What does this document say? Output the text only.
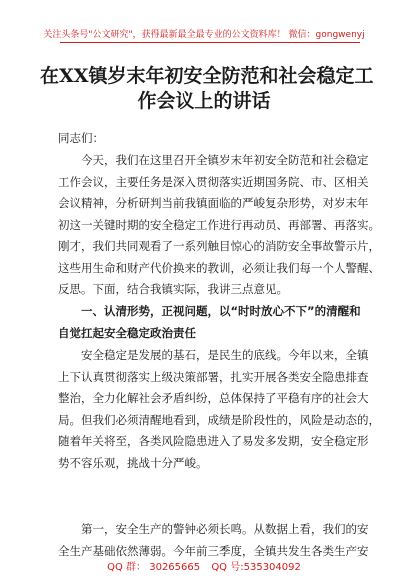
关注头条号"公文研究"，获得最新最全最专业的公文资料库！ 微信：gongwenyj
在XX镇岁末年初安全防范和社会稳定工
作会议上的讲话
同志们：
　　今天，我们在这里召开全镇岁末年初安全防范和社会稳定
工作会议，主要任务是深入贯彻落实近期国务院、市、区相关
会议精神，分析研判当前我镇面临的严峻复杂形势，对岁末年
初这一关键时期的安全稳定工作进行再动员、再部署、再落实。
刚才，我们共同观看了一系列触目惊心的消防安全事故警示片，
这些用生命和财产代价换来的教训，必须让我们每一个人警醒、
反思。下面，结合我镇实际，我讲三点意见。
　　一、认清形势，正视问题，以“时时放心不下”的清醒和
自觉扛起安全稳定政治责任
　　安全稳定是发展的基石，是民生的底线。今年以来，全镇
上下认真贯彻落实上级决策部署，扎实开展各类安全隐患排查
整治，全力化解社会矛盾纠纷，总体保持了平稳有序的社会大
局。但我们必须清醒地看到，成绩是阶段性的，风险是动态的，
随着年关将至，各类风险隐患进入了易发多发期，安全稳定形
势不容乐观，挑战十分严峻。
　　第一，安全生产的警钟必须长鸣。从数据上看，我们的安
全生产基础依然薄弱。今年前三季度，全镇共发生各类生产安
QQ 群： 30265665 QQ 号:535304092
